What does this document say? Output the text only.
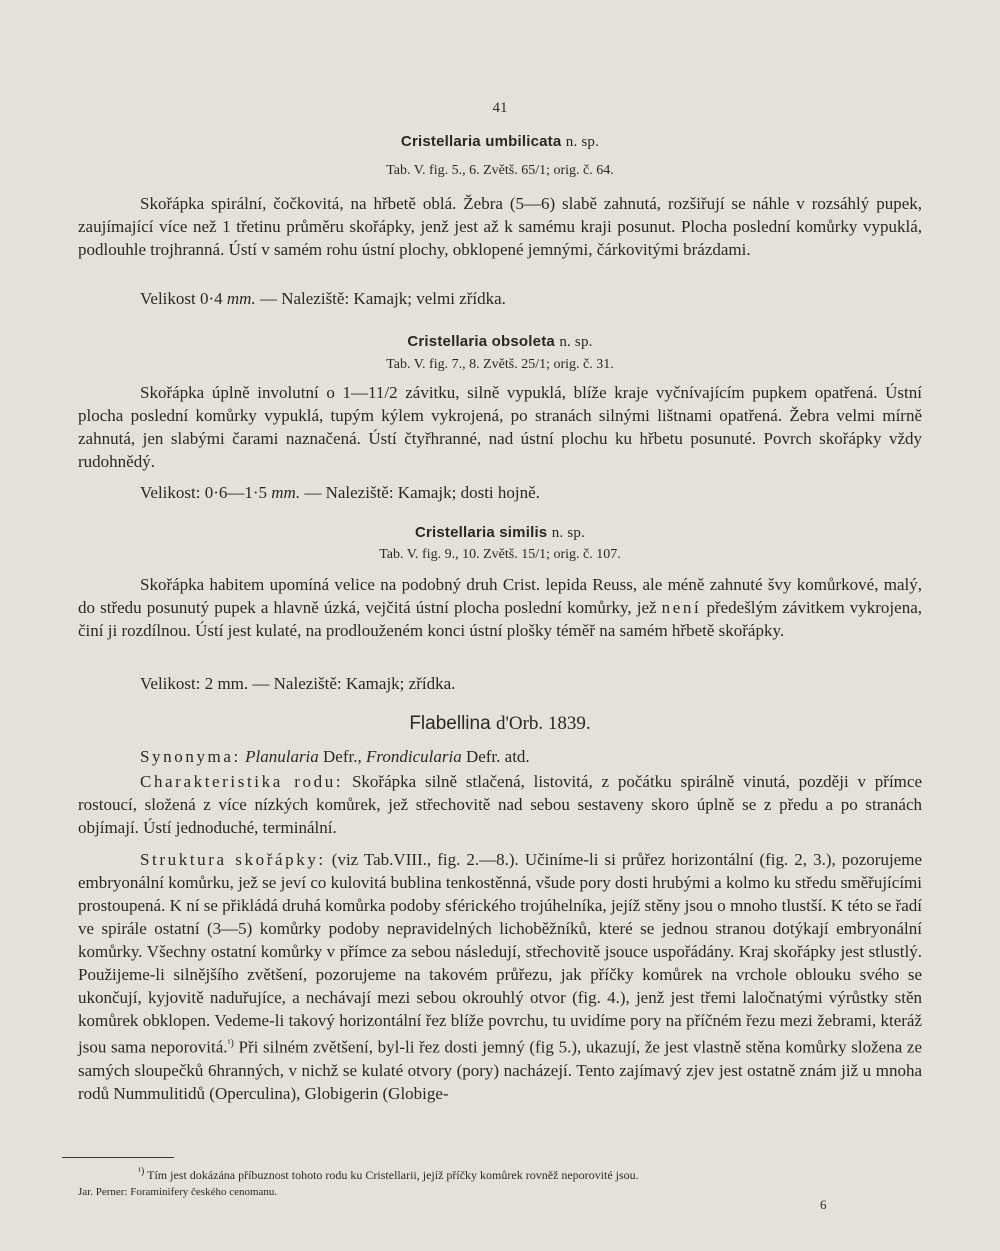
41
Cristellaria umbilicata n. sp.
Tab. V. fig. 5., 6. Zvětš. 65/1; orig. č. 64.
Skořápka spirální, čočkovitá, na hřbetě oblá. Žebra (5—6) slabě zahnutá, rozšiřují se náhle v rozsáhlý pupek, zaujímající více než 1 třetinu průměru skořápky, jenž jest až k samému kraji posunut. Plocha poslední komůrky vypuklá, podlouhle trojhranná. Ústí v samém rohu ústní plochy, obklopené jemnými, čárkovitými brázdami.
Velikost 0·4 mm. — Naleziště: Kamajk; velmi zřídka.
Cristellaria obsoleta n. sp.
Tab. V. fig. 7., 8. Zvětš. 25/1; orig. č. 31.
Skořápka úplně involutní o 1—11/2 závitku, silně vypuklá, blíže kraje vyčnívajícím pupkem opatřená. Ústní plocha poslední komůrky vypuklá, tupým kýlem vykrojená, po stranách silnými lištnami opatřená. Žebra velmi mírně zahnutá, jen slabými čarami naznačená. Ústí čtyřhranné, nad ústní plochu ku hřbetu posunuté. Povrch skořápky vždy rudohnědý.
Velikost: 0·6—1·5 mm. — Naleziště: Kamajk; dosti hojně.
Cristellaria similis n. sp.
Tab. V. fig. 9., 10. Zvětš. 15/1; orig. č. 107.
Skořápka habitem upomíná velice na podobný druh Crist. lepida Reuss, ale méně zahnuté švy komůrkové, malý, do středu posunutý pupek a hlavně úzká, vejčitá ústní plocha poslední komůrky, jež není předešlým závitkem vykrojena, činí ji rozdílnou. Ústí jest kulaté, na prodlouženém konci ústní plošky téměř na samém hřbetě skořápky.
Velikost: 2 mm. — Naleziště: Kamajk; zřídka.
Flabellina d'Orb. 1839.
Synonyma: Planularia Defr., Frondicularia Defr. atd.
Charakteristika rodu: Skořápka silně stlačená, listovitá, z počátku spirálně vinutá, později v přímce rostoucí, složená z více nízkých komůrek, jež střechovitě nad sebou sestaveny skoro úplně se z předu a po stranách objímají. Ústí jednoduché, terminální.
Struktura skořápky: (viz Tab.VIII., fig. 2.—8.). Učiníme-li si průřez horizontální (fig. 2, 3.), pozorujeme embryonální komůrku, jež se jeví co kulovitá bublina tenkostěnná, všude pory dosti hrubými a kolmo ku středu směřujícími prostoupená. K ní se přikládá druhá komůrka podoby sférického trojúhelníka, jejíž stěny jsou o mnoho tlustší. K této se řadí ve spirále ostatní (3—5) komůrky podoby nepravidelných lichoběžníků, které se jednou stranou dotýkají embryonální komůrky. Všechny ostatní komůrky v přímce za sebou následují, střechovitě jsouce uspořádány. Kraj skořápky jest stlustlý. Použijeme-li silnějšího zvětšení, pozorujeme na takovém průřezu, jak příčky komůrek na vrchole oblouku svého se ukončují, kyjovitě naduřujíce, a nechávají mezi sebou okrouhlý otvor (fig. 4.), jenž jest třemi laločnatými výrůstky stěn komůrek obklopen. Vedeme-li takový horizontální řez blíže povrchu, tu uvidíme pory na příčném řezu mezi žebrami, kteráž jsou sama neporovitá.$^{^1)}$ Při silném zvětšení, byl-li řez dosti jemný (fig 5.), ukazují, že jest vlastně stěna komůrky složena ze samých sloupečků 6hranných, v nichž se kulaté otvory (pory) nacházejí. Tento zajímavý zjev jest ostatně znám již u mnoha rodů Nummulitidů (Operculina), Globigerin (Globige-
$^{^1)}$ Tím jest dokázána příbuznost tohoto rodu ku Cristellarii, jejíž příčky komůrek rovněž neporovité jsou.
Jar. Perner: Foraminifery českého cenomanu.
6
